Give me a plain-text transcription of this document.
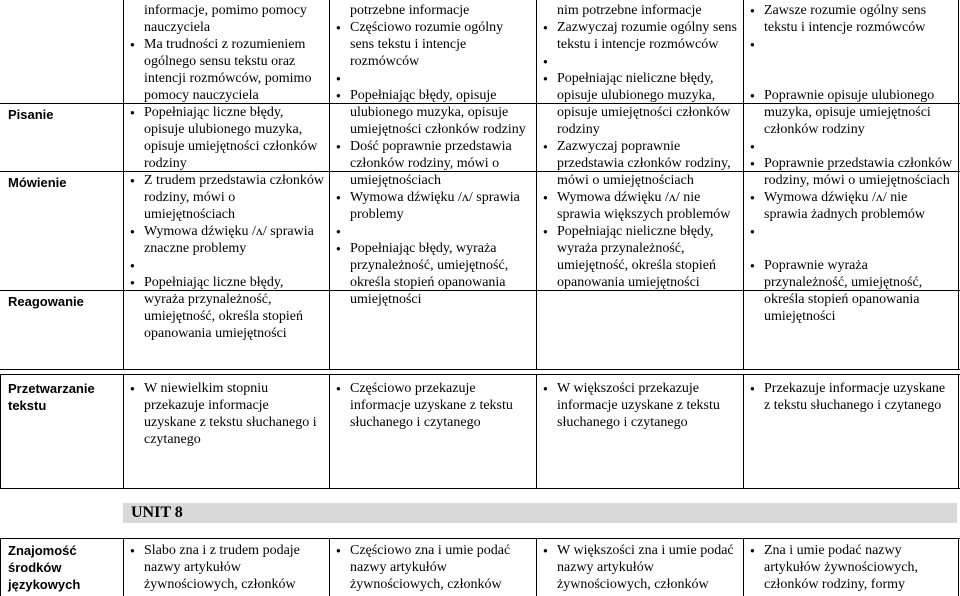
Pisanie
Mówienie
Reagowanie
informacje, pomimo pomocy
nauczyciela
● Ma trudności z rozumieniem ogólnego sensu tekstu oraz intencji rozmówców, pomimo pomocy nauczyciela
● Popełniając liczne błędy, opisuje ulubionego muzyka, opisuje umiejętności członków rodziny
● Z trudem przedstawia członków rodziny, mówi o umiejętnościach
● Wymowa dźwięku /ʌ/ sprawia znaczne problemy
●
● Popełniając liczne błędy, wyraża przynależność, umiejętność, określa stopień opanowania umiejętności
potrzebne informacje
● Częściowo rozumie ogólny sens tekstu i intencje rozmówców
●
● Popełniając błędy, opisuje ulubionego muzyka, opisuje umiejętności członków rodziny
● Dość poprawnie przedstawia członków rodziny, mówi o umiejętnościach
● Wymowa dźwięku /ʌ/ sprawia problemy
●
● Popełniając błędy, wyraża przynależność, umiejętność, określa stopień opanowania umiejętności
nim potrzebne informacje
● Zazwyczaj rozumie ogólny sens tekstu i intencje rozmówców
●
● Popełniając nieliczne błędy, opisuje ulubionego muzyka, opisuje umiejętności członków rodziny
● Zazwyczaj poprawnie przedstawia członków rodziny, mówi o umiejętnościach
● Wymowa dźwięku /ʌ/ nie sprawia większych problemów
● Popełniając nieliczne błędy, wyraża przynależność, umiejętność, określa stopień opanowania umiejętności
● Zawsze rozumie ogólny sens tekstu i intencje rozmówców
●
● Poprawnie opisuje ulubionego muzyka, opisuje umiejętności członków rodziny
●
● Poprawnie przedstawia członków rodziny, mówi o umiejętnościach
● Wymowa dźwięku /ʌ/ nie sprawia żadnych problemów
●
● Poprawnie wyraża przynależność, umiejętność, określa stopień opanowania umiejętności
Przetwarzanie tekstu
● W niewielkim stopniu przekazuje informacje uzyskane z tekstu słuchanego i czytanego
● Częściowo przekazuje informacje uzyskane z tekstu słuchanego i czytanego
● W większości przekazuje informacje uzyskane z tekstu słuchanego i czytanego
● Przekazuje informacje uzyskane z tekstu słuchanego i czytanego
UNIT 8
Znajomość środków językowych
● Slabo zna i z trudem podaje nazwy artykułów żywnościowych, członków
● Częściowo zna i umie podać nazwy artykułów żywnościowych, członków
● W większości zna i umie podać nazwy artykułów żywnościowych, członków
● Zna i umie podać nazwy artykułów żywnościowych, członków rodziny, formy
